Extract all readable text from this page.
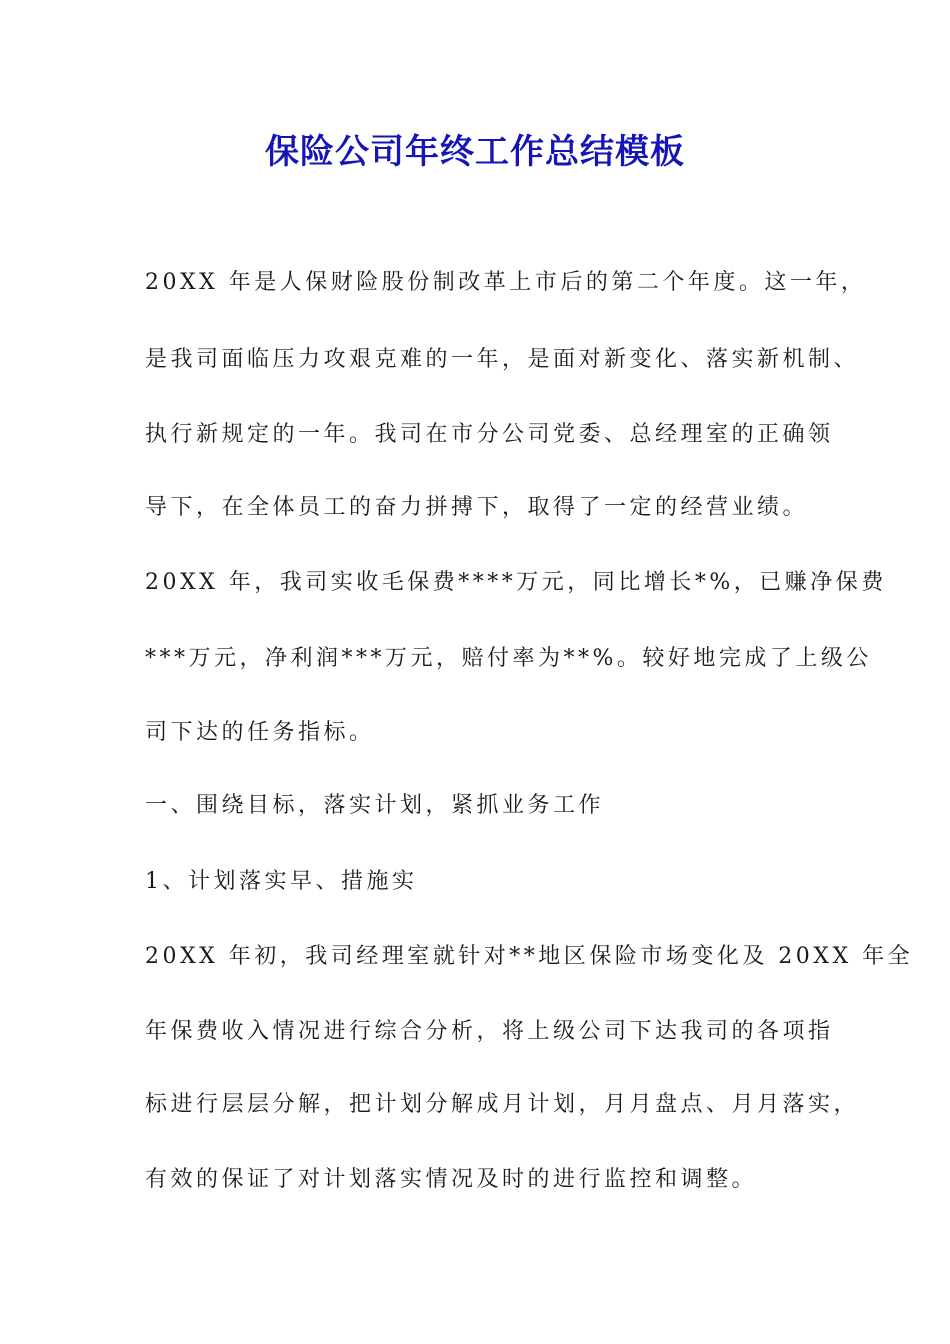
保险公司年终工作总结模板
20XX 年是人保财险股份制改革上市后的第二个年度。这一年，
是我司面临压力攻艰克难的一年，是面对新变化、落实新机制、
执行新规定的一年。我司在市分公司党委、总经理室的正确领
导下，在全体员工的奋力拼搏下，取得了一定的经营业绩。
20XX 年，我司实收毛保费****万元，同比增长*%，已赚净保费
***万元，净利润***万元，赔付率为**%。较好地完成了上级公
司下达的任务指标。
一、围绕目标，落实计划，紧抓业务工作
1、计划落实早、措施实
20XX 年初，我司经理室就针对**地区保险市场变化及 20XX 年全
年保费收入情况进行综合分析，将上级公司下达我司的各项指
标进行层层分解，把计划分解成月计划，月月盘点、月月落实，
有效的保证了对计划落实情况及时的进行监控和调整。
